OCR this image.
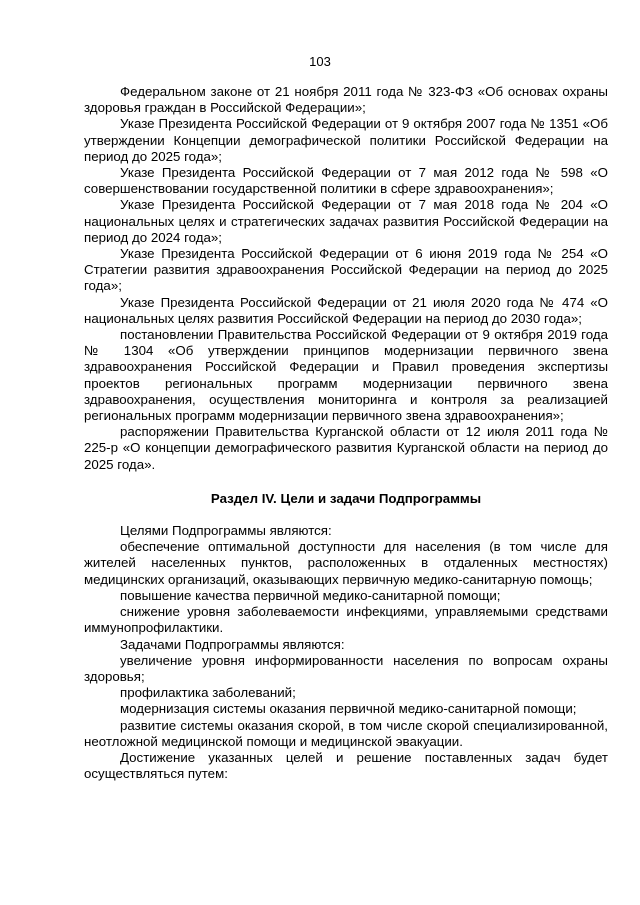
103

Федеральном законе от 21 ноября 2011 года № 323-ФЗ «Об основах охраны здоровья граждан в Российской Федерации»;

Указе Президента Российской Федерации от 9 октября 2007 года № 1351 «Об утверждении Концепции демографической политики Российской Федерации на период до 2025 года»;

Указе Президента Российской Федерации от 7 мая 2012 года № 598 «О совершенствовании государственной политики в сфере здравоохранения»;

Указе Президента Российской Федерации от 7 мая 2018 года № 204 «О национальных целях и стратегических задачах развития Российской Федерации на период до 2024 года»;

Указе Президента Российской Федерации от 6 июня 2019 года № 254 «О Стратегии развития здравоохранения Российской Федерации на период до 2025 года»;

Указе Президента Российской Федерации от 21 июля 2020 года № 474 «О национальных целях развития Российской Федерации на период до 2030 года»;

постановлении Правительства Российской Федерации от 9 октября 2019 года № 1304 «Об утверждении принципов модернизации первичного звена здравоохранения Российской Федерации и Правил проведения экспертизы проектов региональных программ модернизации первичного звена здравоохранения, осуществления мониторинга и контроля за реализацией региональных программ модернизации первичного звена здравоохранения»;

распоряжении Правительства Курганской области от 12 июля 2011 года № 225-р «О концепции демографического развития Курганской области на период до 2025 года».

Раздел IV. Цели и задачи Подпрограммы

Целями Подпрограммы являются:

обеспечение оптимальной доступности для населения (в том числе для жителей населенных пунктов, расположенных в отдаленных местностях) медицинских организаций, оказывающих первичную медико-санитарную помощь;

повышение качества первичной медико-санитарной помощи;

снижение уровня заболеваемости инфекциями, управляемыми средствами иммунопрофилактики.

Задачами Подпрограммы являются:

увеличение уровня информированности населения по вопросам охраны здоровья;

профилактика заболеваний;

модернизация системы оказания первичной медико-санитарной помощи;

развитие системы оказания скорой, в том числе скорой специализированной, неотложной медицинской помощи и медицинской эвакуации.

Достижение указанных целей и решение поставленных задач будет осуществляться путем:
